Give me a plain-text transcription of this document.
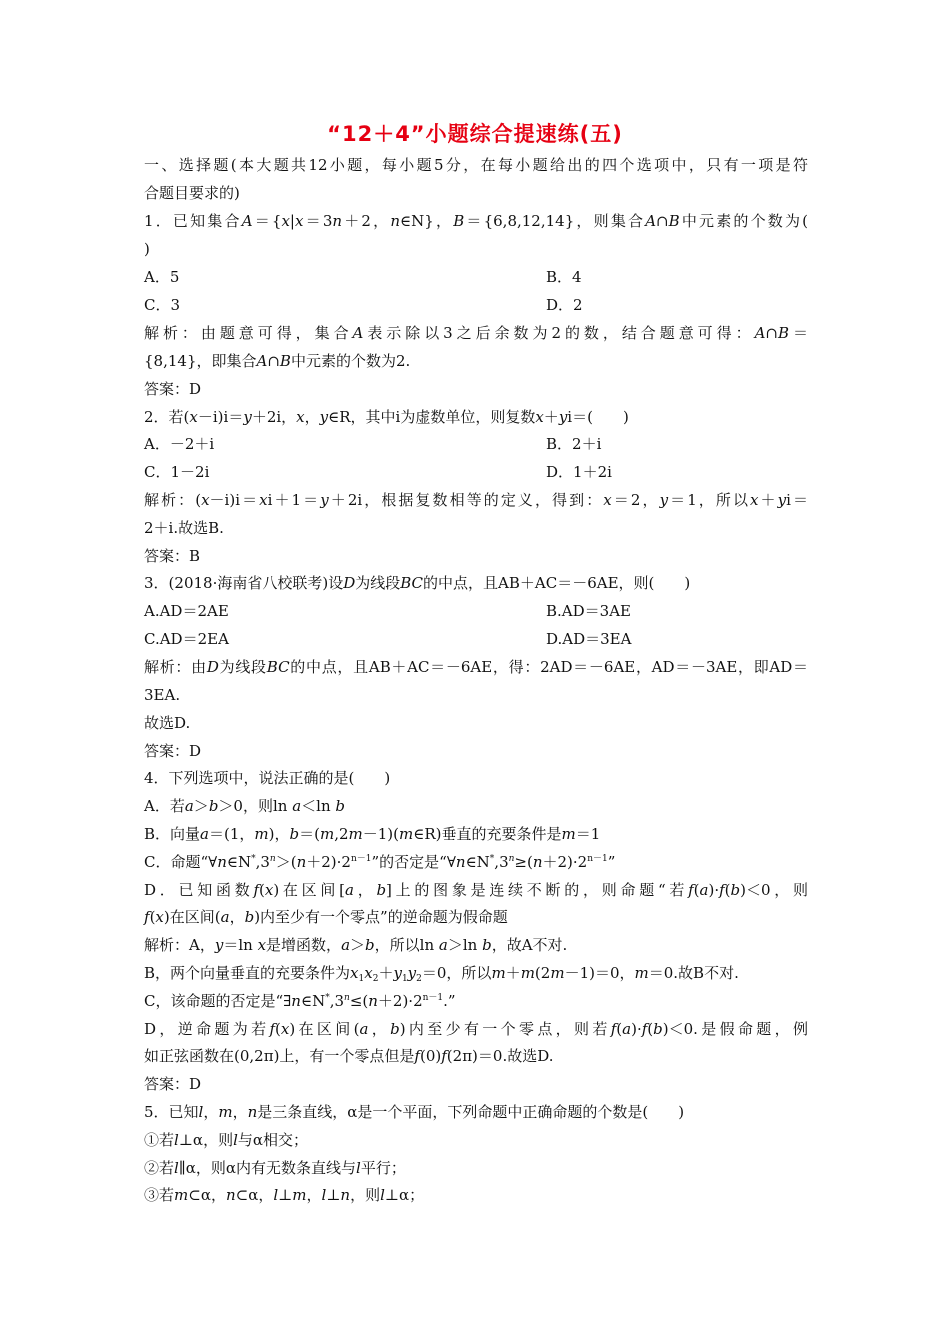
“12＋4”小题综合提速练(五)
一、选择题(本大题共12小题，每小题5分，在每小题给出的四个选项中，只有一项是符
合题目要求的)
1．已知集合A＝{x|x＝3n＋2，n∈N}，B＝{6,8,12,14}，则集合A∩B中元素的个数为(
)
A．5	B．4
C．3	D．2
解析：由题意可得，集合A表示除以3之后余数为2的数，结合题意可得：A∩B＝
{8,14}，即集合A∩B中元素的个数为2.
答案：D
2．若(x－i)i＝y＋2i，x，y∈R，其中i为虚数单位，则复数x＋yi＝(　　)
A．－2＋i	B．2＋i
C．1－2i	D．1＋2i
解析：(x－i)i＝xi＋1＝y＋2i，根据复数相等的定义，得到：x＝2，y＝1，所以x＋yi＝
2＋i.故选B.
答案：B
3．(2018·海南省八校联考)设D为线段BC的中点，且AB＋AC＝－6AE，则(　　)
A.AD＝2AE	B.AD＝3AE
C.AD＝2EA	D.AD＝3EA
解析：由D为线段BC的中点，且AB＋AC＝－6AE，得：2AD＝－6AE，AD＝－3AE，即AD＝
3EA.
故选D.
答案：D
4．下列选项中，说法正确的是(　　)
A．若a＞b＞0，则ln a＜ln b
B．向量a＝(1，m)，b＝(m,2m－1)(m∈R)垂直的充要条件是m＝1
C．命题“$\forall n\in N^*,3^n>(n+2)\cdot 2^{n-1}$”的否定是“$\forall n\in N^*,3^n\ge(n+2)\cdot 2^{n-1}$”
D．已知函数f(x)在区间[a，b]上的图象是连续不断的，则命题“若f(a)·f(b)＜0，则
f(x)在区间(a，b)内至少有一个零点”的逆命题为假命题
解析：A，y＝ln x是增函数，a＞b，所以ln a＞ln b，故A不对.
B，两个向量垂直的充要条件为$x_1x_2+y_1y_2=0$，所以m＋m(2m－1)＝0，m＝0.故B不对.
C，该命题的否定是“$\exists n\in N^*,3^n\le(n+2)\cdot 2^{n-1}$.”
D，逆命题为若f(x)在区间(a，b)内至少有一个零点，则若f(a)·f(b)＜0.是假命题，例
如正弦函数在(0,2π)上，有一个零点但是f(0)f(2π)＝0.故选D.
答案：D
5．已知l，m，n是三条直线，α是一个平面，下列命题中正确命题的个数是(　　)
①若l⊥α，则l与α相交；
②若l∥α，则α内有无数条直线与l平行；
③若m⊂α，n⊂α，l⊥m，l⊥n，则l⊥α；
